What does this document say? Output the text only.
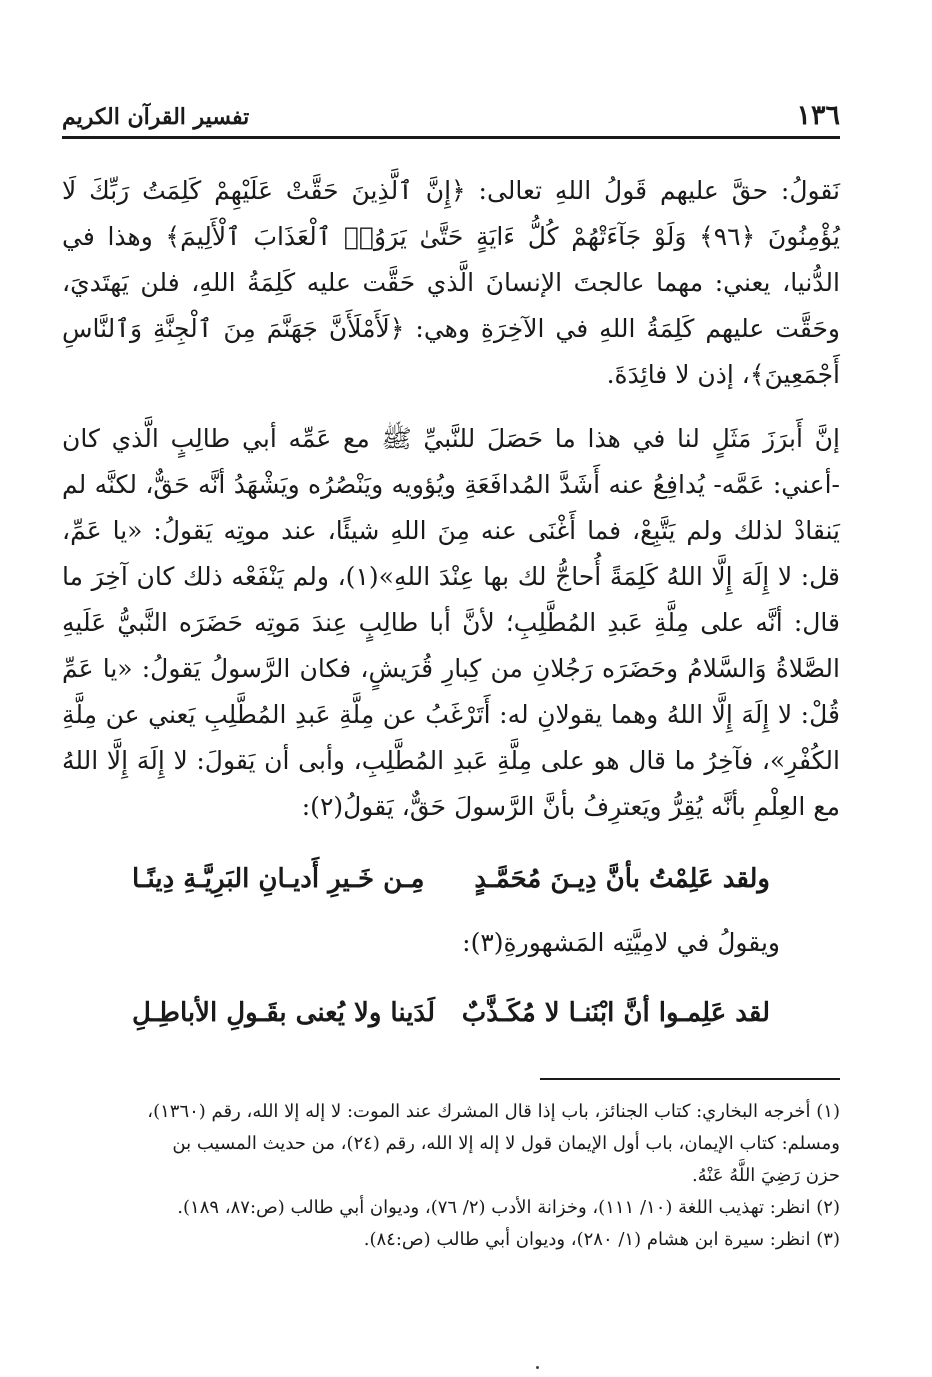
١٣٦
تفسير القرآن الكريم

نَقولُ: حقَّ عليهم قَولُ اللهِ تعالى: ﴿إِنَّ ٱلَّذِينَ حَقَّتْ عَلَيْهِمْ كَلِمَتُ رَبِّكَ لَا يُؤْمِنُونَ ﴿٩٦﴾ وَلَوْ جَآءَتْهُمْ كُلُّ ءَايَةٍ حَتَّىٰ يَرَوُا۟ ٱلْعَذَابَ ٱلْأَلِيمَ﴾ وهذا في الدُّنيا، يعني: مهما عالجتَ الإنسانَ الَّذي حَقَّت عليه كَلِمَةُ اللهِ، فلن يَهتَديَ، وحَقَّت عليهم كَلِمَةُ اللهِ في الآخِرَةِ وهي: ﴿لَأَمْلَأَنَّ جَهَنَّمَ مِنَ ٱلْجِنَّةِ وَٱلنَّاسِ أَجْمَعِينَ﴾، إذن لا فائِدَةَ.

إنَّ أَبرَزَ مَثَلٍ لنا في هذا ما حَصَلَ للنَّبيِّ ﷺ مع عَمِّه أبي طالِبٍ الَّذي كان -أعني: عَمَّه- يُدافِعُ عنه أَشَدَّ المُدافَعَةِ ويُؤويه ويَنْصُرُه ويَشْهَدُ أنَّه حَقٌّ، لكنَّه لم يَنقادْ لذلك ولم يَتَّبِعْ، فما أَغْنَى عنه مِنَ اللهِ شيئًا، عند موتِه يَقولُ: «يا عَمِّ، قل: لا إِلَهَ إِلَّا اللهُ كَلِمَةً أُحاجُّ لك بها عِنْدَ اللهِ»(١)، ولم يَنْفَعْه ذلك كان آخِرَ ما قال: أنَّه على مِلَّةِ عَبدِ المُطَّلِبِ؛ لأنَّ أبا طالِبٍ عِندَ مَوتِه حَضَرَه النَّبيُّ عَلَيهِ الصَّلاةُ وَالسَّلامُ وحَضَرَه رَجُلانِ من كِبارِ قُرَيشٍ، فكان الرَّسولُ يَقولُ: «يا عَمِّ قُلْ: لا إِلَهَ إِلَّا اللهُ وهما يقولانِ له: أَتَرْغَبُ عن مِلَّةِ عَبدِ المُطَّلِبِ يَعني عن مِلَّةِ الكُفْرِ»، فآخِرُ ما قال هو على مِلَّةِ عَبدِ المُطَّلِبِ، وأبى أن يَقولَ: لا إِلَهَ إِلَّا اللهُ مع العِلْمِ بأنَّه يُقِرُّ ويَعترِفُ بأنَّ الرَّسولَ حَقٌّ، يَقولُ(٢):

ولقد عَلِمْتُ بأنَّ دِيـنَ مُحَمَّـدٍ
مِـن خَـيرِ أَديـانِ البَرِيَّـةِ دِينًـا
ويقولُ في لامِيَّتِه المَشهورةِ(٣):
لقد عَلِمـوا أنَّ ابْنَنـا لا مُكَـذَّبٌ
لَدَينا ولا يُعنى بقَـولِ الأباطِـلِ

(١) أخرجه البخاري: كتاب الجنائز، باب إذا قال المشرك عند الموت: لا إله إلا الله، رقم (١٣٦٠)،

ومسلم: كتاب الإيمان، باب أول الإيمان قول لا إله إلا الله، رقم (٢٤)، من حديث المسيب بن

حزن رَضِيَ اللَّهُ عَنْهُ.

(٢) انظر: تهذيب اللغة (١٠/ ١١١)، وخزانة الأدب (٢/ ٧٦)، وديوان أبي طالب (ص:٨٧، ١٨٩).

(٣) انظر: سيرة ابن هشام (١/ ٢٨٠)، وديوان أبي طالب (ص:٨٤).
